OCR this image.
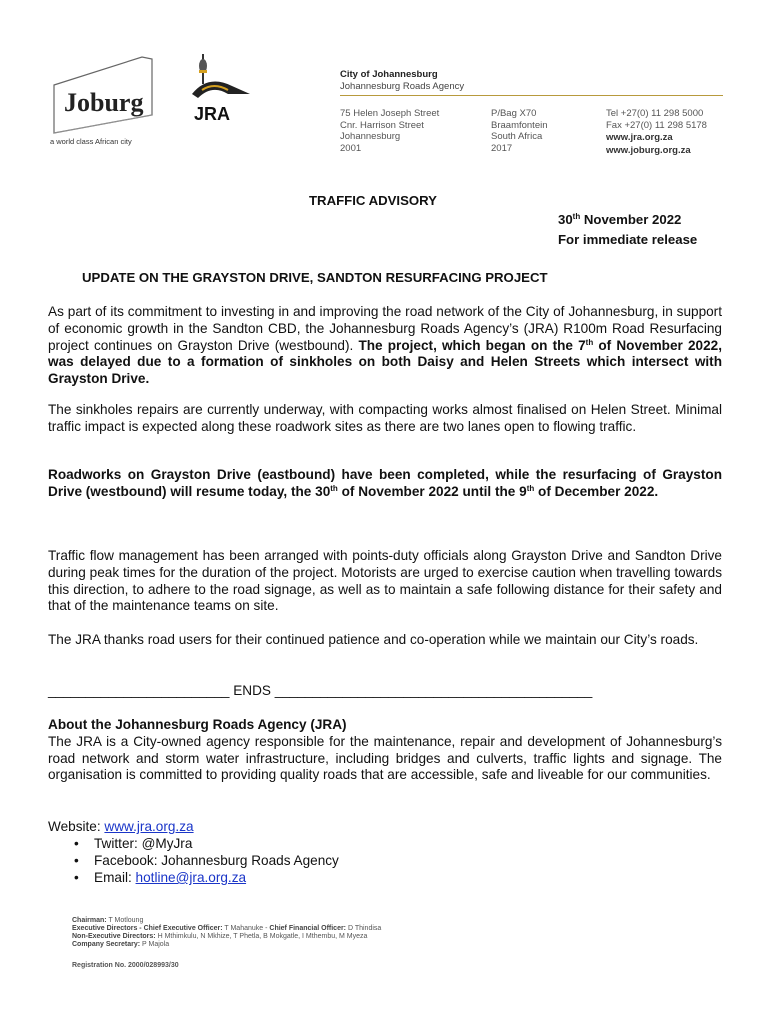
Joburg
a world class African city
JRA
City of Johannesburg
Johannesburg Roads Agency
75 Helen Joseph Street
Cnr. Harrison Street
Johannesburg
2001
P/Bag X70
Braamfontein
South Africa
2017
Tel +27(0) 11 298 5000
Fax +27(0) 11 298 5178
www.jra.org.za
www.joburg.org.za
TRAFFIC ADVISORY
30th November 2022
For immediate release
UPDATE ON THE GRAYSTON DRIVE, SANDTON RESURFACING PROJECT

As part of its commitment to investing in and improving the road network of the City of Johannesburg, in support of economic growth in the Sandton CBD, the Johannesburg Roads Agency’s (JRA) R100m Road Resurfacing project continues on Grayston Drive (westbound). The project, which began on the 7th of November 2022, was delayed due to a formation of sinkholes on both Daisy and Helen Streets which intersect with Grayston Drive.

The sinkholes repairs are currently underway, with compacting works almost finalised on Helen Street. Minimal traffic impact is expected along these roadwork sites as there are two lanes open to flowing traffic.

Roadworks on Grayston Drive (eastbound) have been completed, while the resurfacing of Grayston Drive (westbound) will resume today, the 30th of November 2022 until the 9th of December 2022.

Traffic flow management has been arranged with points-duty officials along Grayston Drive and Sandton Drive during peak times for the duration of the project. Motorists are urged to exercise caution when travelling towards this direction, to adhere to the road signage, as well as to maintain a safe following distance for their safety and that of the maintenance teams on site.

The JRA thanks road users for their continued patience and co-operation while we maintain our City’s roads.

________________________ ENDS __________________________________________

About the Johannesburg Roads Agency (JRA)

The JRA is a City-owned agency responsible for the maintenance, repair and development of Johannesburg’s road network and storm water infrastructure, including bridges and culverts, traffic lights and signage. The organisation is committed to providing quality roads that are accessible, safe and liveable for our communities.

Website: www.jra.org.za
• Twitter: @MyJra
• Facebook: Johannesburg Roads Agency
• Email: hotline@jra.org.za
Chairman: T Motloung
Executive Directors - Chief Executive Officer: T Mahanuke - Chief Financial Officer: D Thindisa
Non-Executive Directors: H Mthimkulu, N Mkhize, T Phetla, B Mokgatle, I Mthembu, M Myeza
Company Secretary: P Majola
Registration No. 2000/028993/30
